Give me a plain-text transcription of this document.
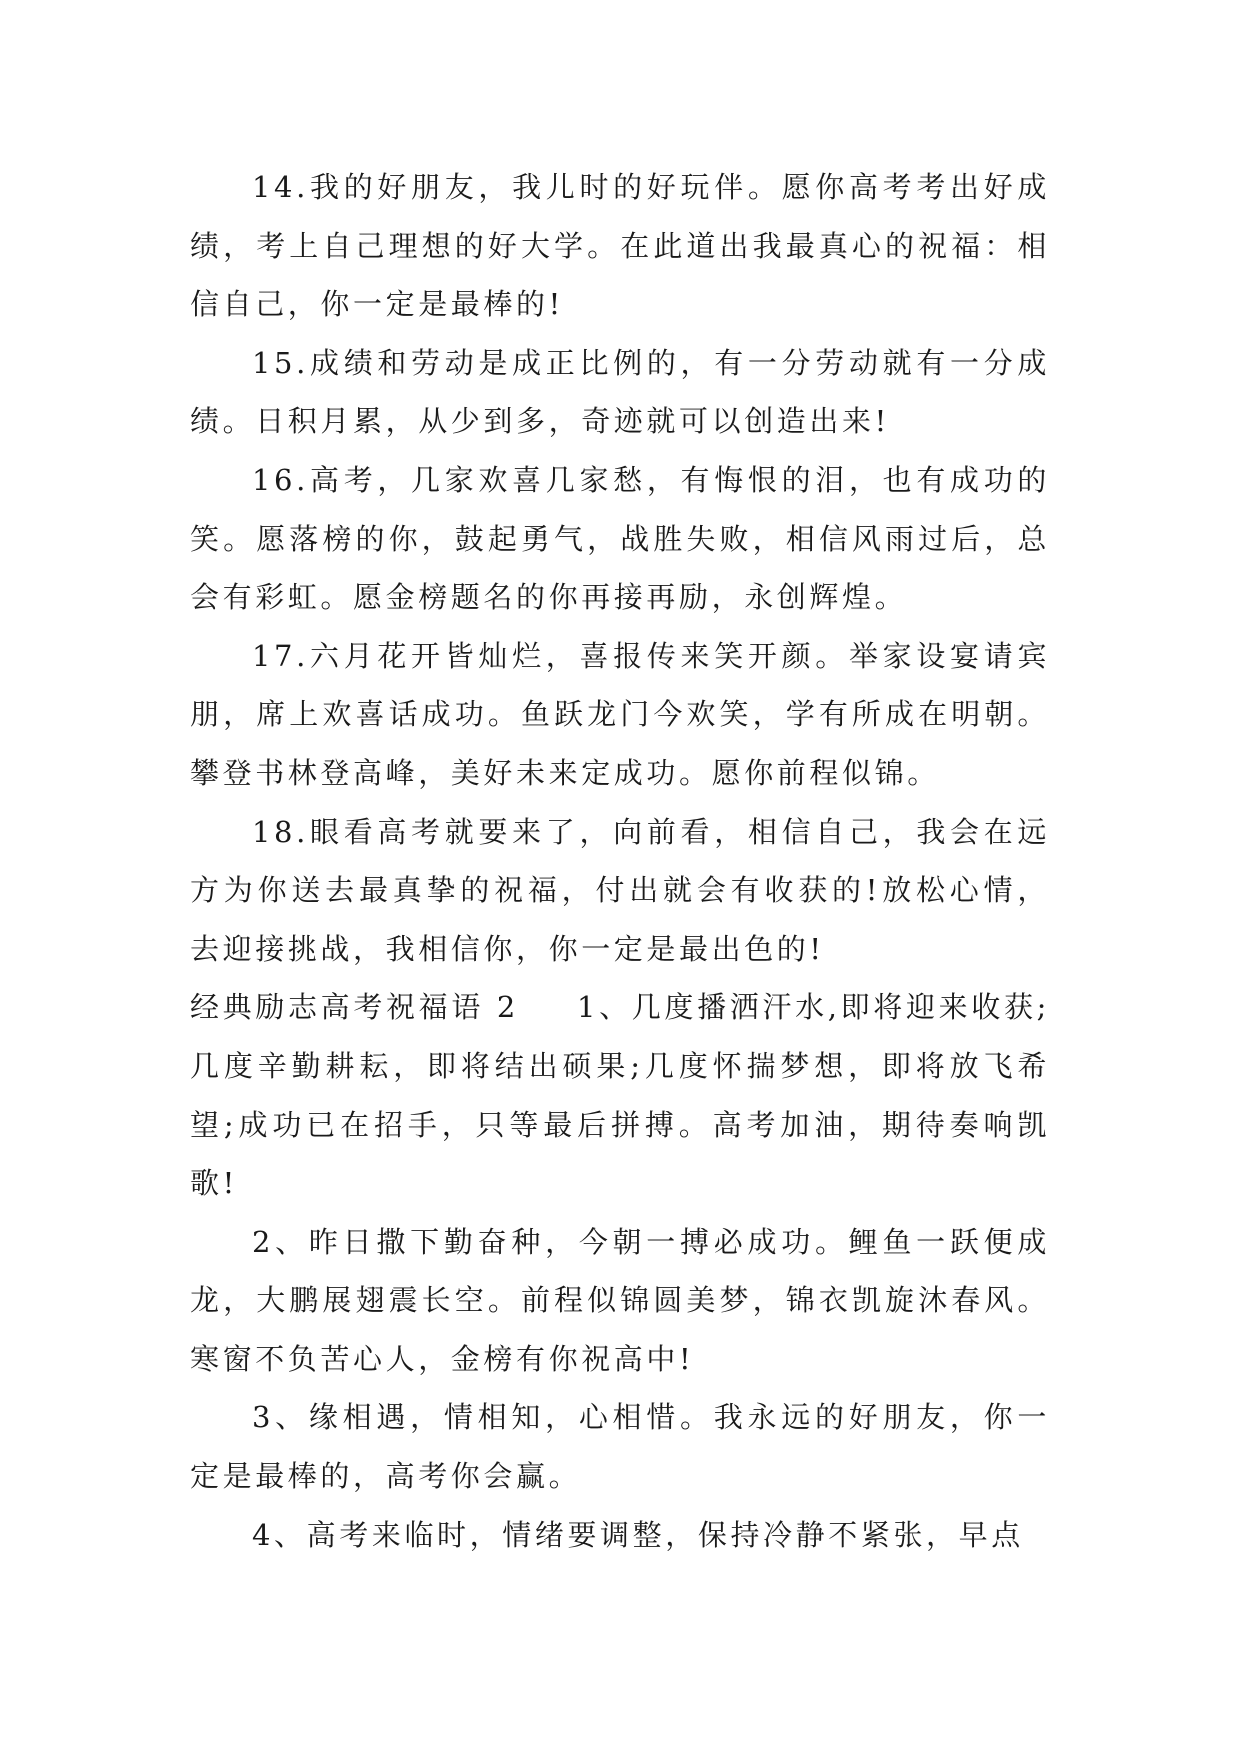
14.我的好朋友，我儿时的好玩伴。愿你高考考出好成绩，考上自己理想的好大学。在此道出我最真心的祝福：相信自己，你一定是最棒的!

15.成绩和劳动是成正比例的，有一分劳动就有一分成绩。日积月累，从少到多，奇迹就可以创造出来!

16.高考，几家欢喜几家愁，有悔恨的泪，也有成功的笑。愿落榜的你，鼓起勇气，战胜失败，相信风雨过后，总会有彩虹。愿金榜题名的你再接再励，永创辉煌。

17.六月花开皆灿烂，喜报传来笑开颜。举家设宴请宾朋，席上欢喜话成功。鱼跃龙门今欢笑，学有所成在明朝。攀登书林登高峰，美好未来定成功。愿你前程似锦。

18.眼看高考就要来了，向前看，相信自己，我会在远方为你送去最真挚的祝福，付出就会有收获的!放松心情，去迎接挑战，我相信你，你一定是最出色的!

经典励志高考祝福语 2 1、几度播洒汗水,即将迎来收获;几度辛勤耕耘，即将结出硕果;几度怀揣梦想，即将放飞希望;成功已在招手，只等最后拼搏。高考加油，期待奏响凯歌!

2、昨日撒下勤奋种，今朝一搏必成功。鲤鱼一跃便成龙，大鹏展翅震长空。前程似锦圆美梦，锦衣凯旋沐春风。寒窗不负苦心人，金榜有你祝高中!

3、缘相遇，情相知，心相惜。我永远的好朋友，你一定是最棒的，高考你会赢。

4、高考来临时，情绪要调整，保持冷静不紧张，早点
